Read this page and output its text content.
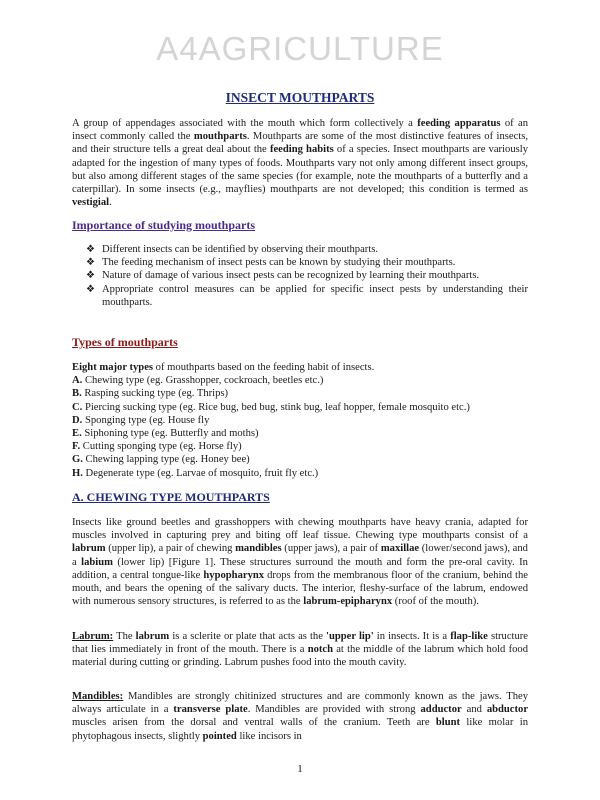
A4AGRICULTURE
INSECT MOUTHPARTS

A group of appendages associated with the mouth which form collectively a feeding apparatus of an insect commonly called the mouthparts. Mouthparts are some of the most distinctive features of insects, and their structure tells a great deal about the feeding habits of a species. Insect mouthparts are variously adapted for the ingestion of many types of foods. Mouthparts vary not only among different insect groups, but also among different stages of the same species (for example, note the mouthparts of a butterfly and a caterpillar). In some insects (e.g., mayflies) mouthparts are not developed; this condition is termed as vestigial.

Importance of studying mouthparts
❖ Different insects can be identified by observing their mouthparts.
❖ The feeding mechanism of insect pests can be known by studying their mouthparts.
❖ Nature of damage of various insect pests can be recognized by learning their mouthparts.
❖ Appropriate control measures can be applied for specific insect pests by understanding their mouthparts.
Types of mouthparts
Eight major types of mouthparts based on the feeding habit of insects.
A. Chewing type (eg. Grasshopper, cockroach, beetles etc.)
B. Rasping sucking type (eg. Thrips)
C. Piercing sucking type (eg. Rice bug, bed bug, stink bug, leaf hopper, female mosquito etc.)
D. Sponging type (eg. House fly
E. Siphoning type (eg. Butterfly and moths)
F. Cutting sponging type (eg. Horse fly)
G. Chewing lapping type (eg. Honey bee)
H. Degenerate type (eg. Larvae of mosquito, fruit fly etc.)
A. CHEWING TYPE MOUTHPARTS

Insects like ground beetles and grasshoppers with chewing mouthparts have heavy crania, adapted for muscles involved in capturing prey and biting off leaf tissue. Chewing type mouthparts consist of a labrum (upper lip), a pair of chewing mandibles (upper jaws), a pair of maxillae (lower/second jaws), and a labium (lower lip) [Figure 1]. These structures surround the mouth and form the pre-oral cavity. In addition, a central tongue-like hypopharynx drops from the membranous floor of the cranium, behind the mouth, and bears the opening of the salivary ducts. The interior, fleshy-surface of the labrum, endowed with numerous sensory structures, is referred to as the labrum-epipharynx (roof of the mouth).

Labrum: The labrum is a sclerite or plate that acts as the 'upper lip' in insects. It is a flap-like structure that lies immediately in front of the mouth. There is a notch at the middle of the labrum which hold food material during cutting or grinding. Labrum pushes food into the mouth cavity.

Mandibles: Mandibles are strongly chitinized structures and are commonly known as the jaws. They always articulate in a transverse plate. Mandibles are provided with strong adductor and abductor muscles arisen from the dorsal and ventral walls of the cranium. Teeth are blunt like molar in phytophagous insects, slightly pointed like incisors in

1
